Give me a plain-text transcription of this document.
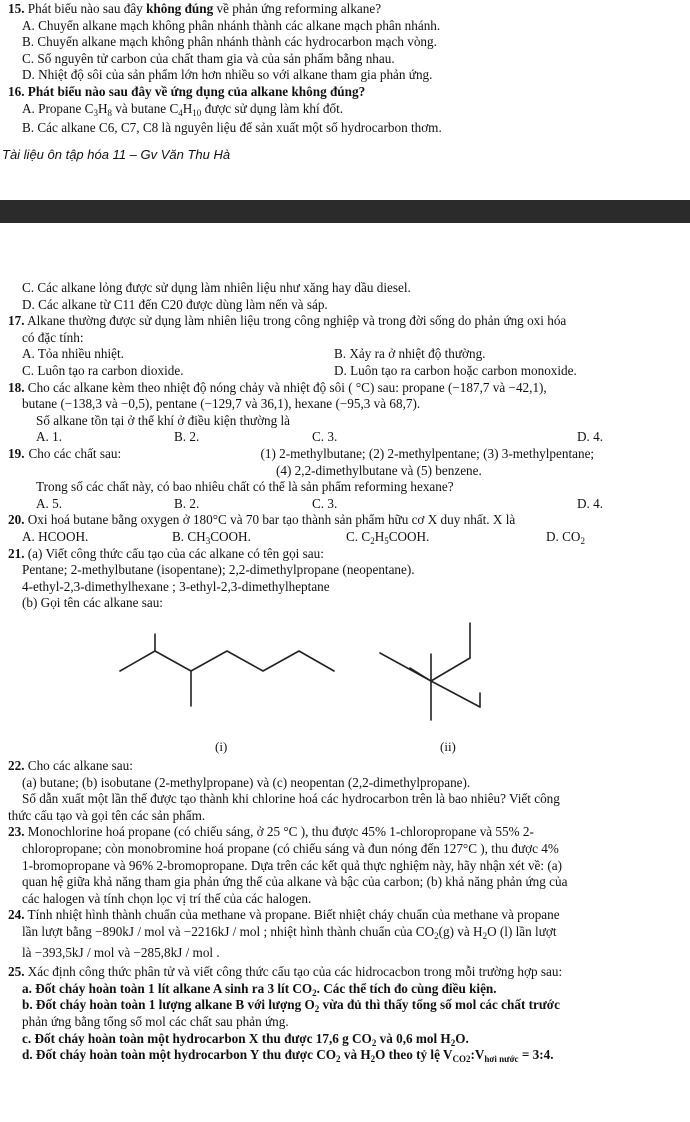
15. Phát biểu nào sau đây không đúng về phản ứng reforming alkane?
A. Chuyển alkane mạch không phân nhánh thành các alkane mạch phân nhánh.
B. Chuyển alkane mạch không phân nhánh thành các hydrocarbon mạch vòng.
C. Số nguyên tử carbon của chất tham gia và của sản phẩm bằng nhau.
D. Nhiệt độ sôi của sản phẩm lớn hơn nhiều so với alkane tham gia phản ứng.
16. Phát biểu nào sau đây về ứng dụng của alkane không đúng?
A. Propane $C_3H_8$ và butane $C_4H_{10}$ được sử dụng làm khí đốt.
B. Các alkane C6, C7, C8 là nguyên liệu để sản xuất một số hydrocarbon thơm.
Tài liệu ôn tập hóa 11 – Gv Văn Thu Hà
C. Các alkane lỏng được sử dụng làm nhiên liệu như xăng hay dầu diesel.
D. Các alkane từ C11 đến C20 được dùng làm nến và sáp.
17. Alkane thường được sử dụng làm nhiên liệu trong công nghiệp và trong đời sống do phản ứng oxi hóa
có đặc tính:
A. Tỏa nhiều nhiệt.	B. Xảy ra ở nhiệt độ thường.
C. Luôn tạo ra carbon dioxide.	D. Luôn tạo ra carbon hoặc carbon monoxide.
18. Cho các alkane kèm theo nhiệt độ nóng chảy và nhiệt độ sôi ( °C) sau: propane (−187,7 và −42,1),
butane (−138,3 và −0,5), pentane (−129,7 và 36,1), hexane (−95,3 và 68,7).
Số alkane tồn tại ở thể khí ở điều kiện thường là
A. 1.	B. 2.	C. 3.	D. 4.
19. Cho các chất sau:	(1) 2-methylbutane; (2) 2-methylpentane; (3) 3-methylpentane;
(4) 2,2-dimethylbutane và (5) benzene.
Trong số các chất này, có bao nhiêu chất có thể là sản phẩm reforming hexane?
A. 5.	B. 2.	C. 3.	D. 4.
20. Oxi hoá butane bằng oxygen ở 180°C và 70 bar tạo thành sản phẩm hữu cơ X duy nhất. X là
A. HCOOH.	B. $CH_3COOH$.	C. $C_2H_5COOH$.	D. $CO_2$
21. (a) Viết công thức cấu tạo của các alkane có tên gọi sau:
Pentane; 2-methylbutane (isopentane); 2,2-dimethylpropane (neopentane).
4-ethyl-2,3-dimethylhexane ; 3-ethyl-2,3-dimethylheptane
(b) Gọi tên các alkane sau:
(i)	(ii)
22. Cho các alkane sau:
(a) butane; (b) isobutane (2-methylpropane) và (c) neopentan (2,2-dimethylpropane).
Số dẫn xuất một lần thế được tạo thành khi chlorine hoá các hydrocarbon trên là bao nhiêu? Viết công
thức cấu tạo và gọi tên các sản phẩm.
23. Monochlorine hoá propane (có chiếu sáng, ở 25 °C ), thu được 45% 1-chloropropane và 55% 2-
chloropropane; còn monobromine hoá propane (có chiếu sáng và đun nóng đến 127°C ), thu được 4%
1-bromopropane và 96% 2-bromopropane. Dựa trên các kết quả thực nghiệm này, hãy nhận xét về: (a)
quan hệ giữa khả năng tham gia phản ứng thế của alkane và bậc của carbon; (b) khả năng phản ứng của
các halogen và tính chọn lọc vị trí thế của các halogen.
24. Tính nhiệt hình thành chuẩn của methane và propane. Biết nhiệt cháy chuẩn của methane và propane
lần lượt bằng −890kJ / mol và −2216kJ / mol ; nhiệt hình thành chuẩn của $CO_2(g)$ và $H_2O$ (l) lần lượt
là −393,5kJ / mol và −285,8kJ / mol .
25. Xác định công thức phân tử và viết công thức cấu tạo của các hidrocacbon trong mỗi trường hợp sau:
a. Đốt cháy hoàn toàn 1 lít alkane A sinh ra 3 lít $CO_2$. Các thể tích đo cùng điều kiện.
b. Đốt cháy hoàn toàn 1 lượng alkane B với lượng $O_2$ vừa đủ thì thấy tổng số mol các chất trước
phản ứng bằng tổng số mol các chất sau phản ứng.
c. Đốt cháy hoàn toàn một hydrocarbon X thu được 17,6 g $CO_2$ và 0,6 mol $H_2O$.
d. Đốt cháy hoàn toàn một hydrocarbon Y thu được $CO_2$ và $H_2O$ theo tỷ lệ $V_{CO2}:V_{hơi nước}$ = 3:4.
